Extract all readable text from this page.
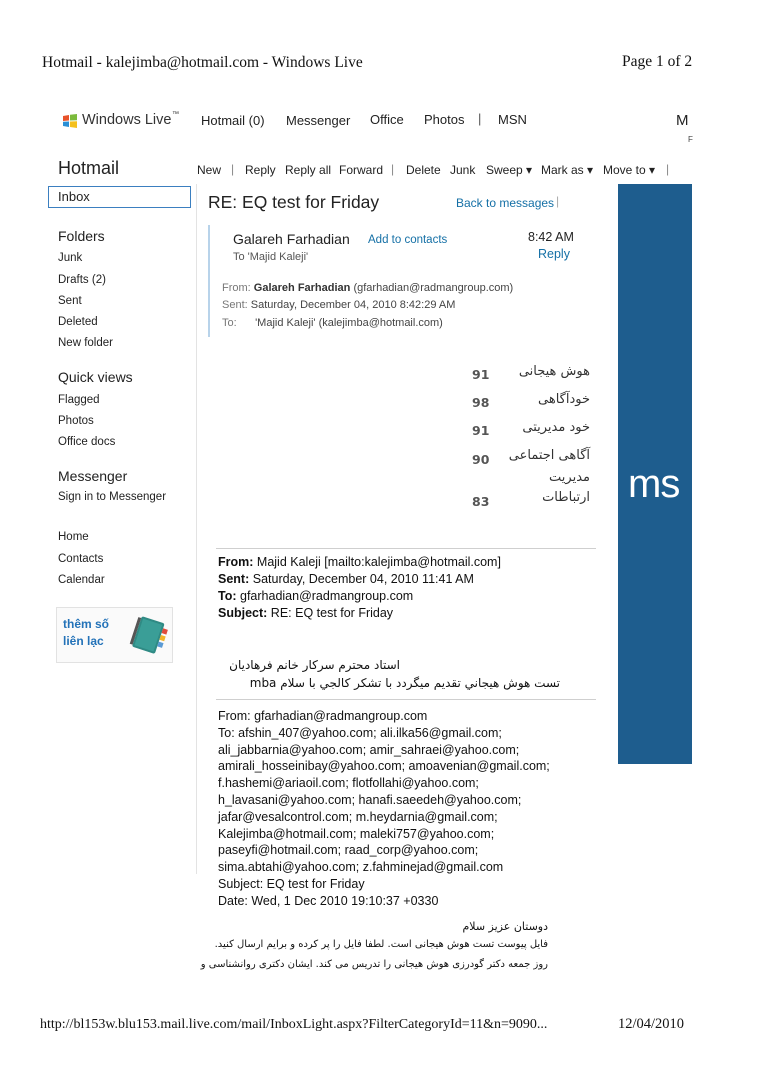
Hotmail - kalejimba@hotmail.com - Windows Live	Page 1 of 2
Windows Live ™ Hotmail (0) Messenger Office Photos | MSN	M
F
Hotmail
Inbox
Folders
Junk
Drafts (2)
Sent
Deleted
New folder
Quick views
Flagged
Photos
Office docs
Messenger
Sign in to Messenger
Home
Contacts
Calendar
thêm số
liên lạc
New | Reply Reply all Forward | Delete Junk Sweep ▾ Mark as ▾ Move to ▾ |
ms
RE: EQ test for Friday	Back to messages |
Galareh Farhadian Add to contacts	8:42 AM
To 'Majid Kaleji'	Reply
From: Galareh Farhadian (gfarhadian@radmangroup.com)
Sent: Saturday, December 04, 2010 8:42:29 AM
To: 'Majid Kaleji' (kalejimba@hotmail.com)
91 هوش هیجانی
98	خودآگاهی
91	خود مدیریتی
90 آگاهی اجتماعی
مدیریت
83	ارتباطات
From: Majid Kaleji [mailto:kalejimba@hotmail.com]
Sent: Saturday, December 04, 2010 11:41 AM
To: gfarhadian@radmangroup.com
Subject: RE: EQ test for Friday
استاد محترم سرکار خانم فرهادیان
تست هوش هيجاني تقديم ميگردد با تشکر کالجي با سلام mba
From: gfarhadian@radmangroup.com
To: afshin_407@yahoo.com; ali.ilka56@gmail.com;
ali_jabbarnia@yahoo.com; amir_sahraei@yahoo.com;
amirali_hosseinibay@yahoo.com; amoavenian@gmail.com;
f.hashemi@ariaoil.com; flotfollahi@yahoo.com;
h_lavasani@yahoo.com; hanafi.saeedeh@yahoo.com;
jafar@vesalcontrol.com; m.heydarnia@gmail.com;
Kalejimba@hotmail.com; maleki757@yahoo.com;
paseyfi@hotmail.com; raad_corp@yahoo.com;
sima.abtahi@yahoo.com; z.fahminejad@gmail.com
Subject: EQ test for Friday
Date: Wed, 1 Dec 2010 19:10:37 +0330
دوستان عزیز سلام
فایل پیوست تست هوش هیجانی است. لطفا فایل را پر کرده و برایم ارسال کنید.
روز جمعه دکتر گودرزی هوش هیجانی را تدریس می کند. ایشان دکتری روانشناسی و
http://bl153w.blu153.mail.live.com/mail/InboxLight.aspx?FilterCategoryId=11&n=9090...	12/04/2010
